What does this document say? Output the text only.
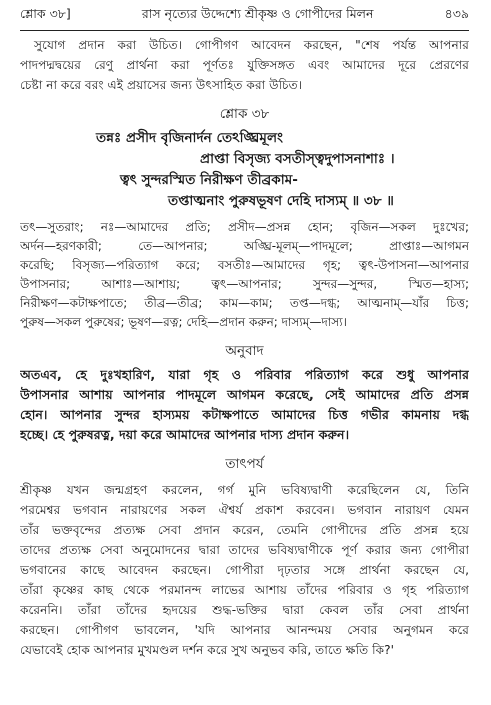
শ্লোক ৩৮]	রাস নৃত্যের উদ্দেশ্যে শ্রীকৃষ্ণ ও গোপীদের মিলন	৪৩৯
সুযোগ প্রদান করা উচিত। গোপীগণ আবেদন করছেন, "শেষ পর্যন্ত আপনার
পাদপদ্মদ্বয়ের রেণু প্রার্থনা করা পূর্ণতঃ যুক্তিসঙ্গত এবং আমাদের দূরে প্রেরণের
চেষ্টা না করে বরং এই প্রয়াসের জন্য উৎসাহিত করা উচিত।
শ্লোক ৩৮
তন্নঃ প্রসীদ বৃজিনার্দন তেঽঙ্ঘ্রিমূলং
প্রাপ্তা বিসৃজ্য বসতীস্ত্বদুপাসনাশাঃ ।
ত্বৎ সুন্দরস্মিত নিরীক্ষণ তীব্রকাম-
তপ্তাত্মনাং পুরুষভূষণ দেহি দাস্যম্ ॥ ৩৮ ॥
তৎ—সুতরাং; নঃ—আমাদের প্রতি; প্রসীদ—প্রসন্ন হোন; বৃজিন—সকল দুঃখের;
অর্দন—হরণকারী; তে—আপনার; অঙ্ঘ্রি-মূলম্—পাদমূলে; প্রাপ্তাঃ—আগমন
করেছি; বিসৃজ্য—পরিত্যাগ করে; বসতীঃ—আমাদের গৃহ; ত্বৎ-উপাসনা—আপনার
উপাসনার; আশাঃ—আশায়; ত্বৎ—আপনার; সুন্দর—সুন্দর, স্মিত—হাস্য;
নিরীক্ষণ—কটাক্ষপাতে; তীব্র—তীব্র; কাম—কাম; তপ্ত—দগ্ধ; আত্মনাম্—যাঁর চিত্ত;
পুরুষ—সকল পুরুষের; ভূষণ—রত্ন; দেহি—প্রদান করুন; দাস্যম্—দাস্য।
অনুবাদ
অতএব, হে দুঃখহারিণ, যারা গৃহ ও পরিবার পরিত্যাগ করে শুধু আপনার
উপাসনার আশায় আপনার পাদমূলে আগমন করেছে, সেই আমাদের প্রতি প্রসন্ন
হোন। আপনার সুন্দর হাস্যময় কটাক্ষপাতে আমাদের চিত্ত গভীর কামনায় দগ্ধ
হচ্ছে। হে পুরুষরত্ন, দয়া করে আমাদের আপনার দাস্য প্রদান করুন।
তাৎপর্য
শ্রীকৃষ্ণ যখন জন্মগ্রহণ করলেন, গর্গ মুনি ভবিষ্যদ্বাণী করেছিলেন যে, তিনি
পরমেশ্বর ভগবান নারায়ণের সকল ঐশ্বর্য প্রকাশ করবেন। ভগবান নারায়ণ যেমন
তাঁর ভক্তবৃন্দের প্রত্যক্ষ সেবা প্রদান করেন, তেমনি গোপীদের প্রতি প্রসন্ন হয়ে
তাদের প্রত্যক্ষ সেবা অনুমোদনের দ্বারা তাদের ভবিষ্যদ্বাণীকে পূর্ণ করার জন্য গোপীরা
ভগবানের কাছে আবেদন করছেন। গোপীরা দৃঢ়তার সঙ্গে প্রার্থনা করছেন যে,
তাঁরা কৃষ্ণের কাছ থেকে পরমানন্দ লাভের আশায় তাঁদের পরিবার ও গৃহ পরিত্যাগ
করেননি। তাঁরা তাঁদের হৃদয়ের শুদ্ধ-ভক্তির দ্বারা কেবল তাঁর সেবা প্রার্থনা
করছেন। গোপীগণ ভাবলেন, 'যদি আপনার আনন্দময় সেবার অনুগমন করে
যেভাবেই হোক আপনার মুখমণ্ডল দর্শন করে সুখ অনুভব করি, তাতে ক্ষতি কি?'
